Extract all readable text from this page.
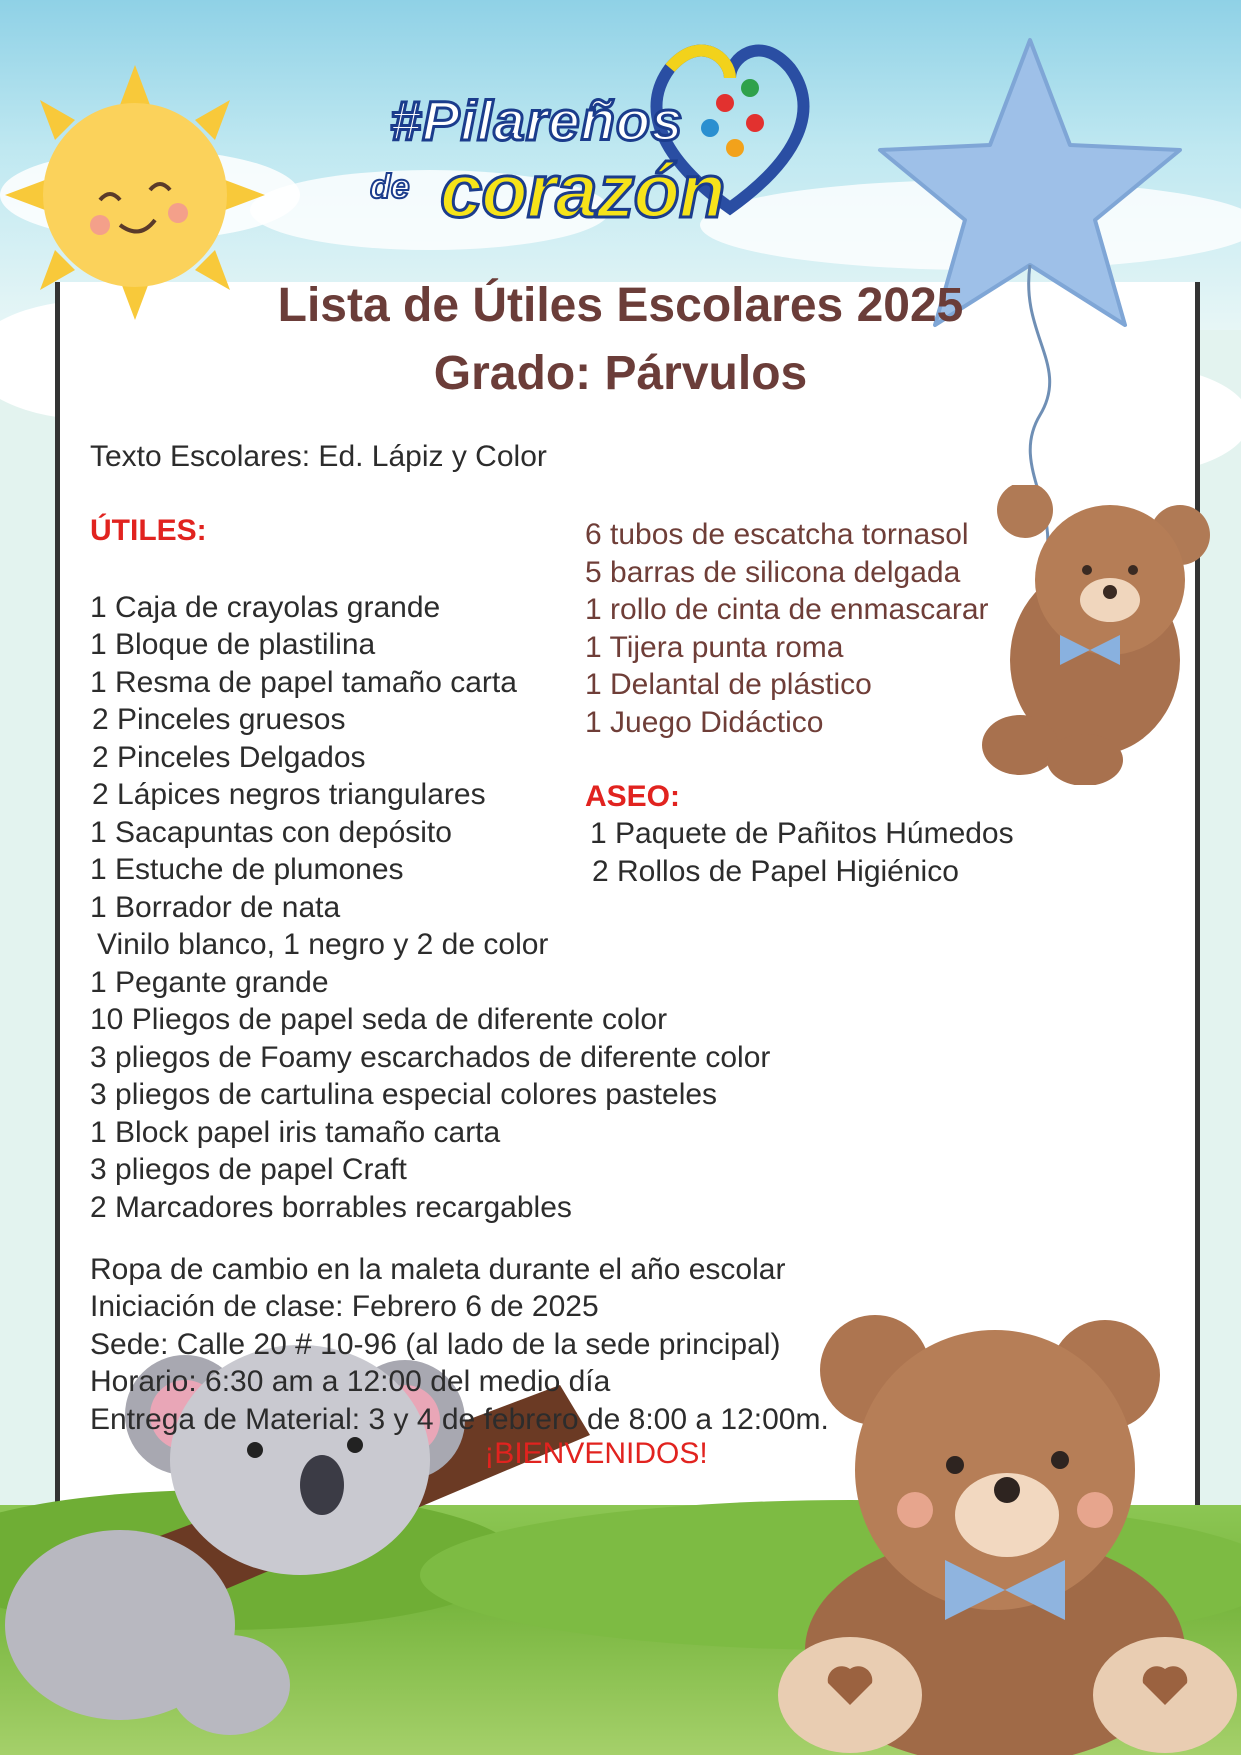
#Pilareños
de corazón
Lista de Útiles Escolares 2025
Grado: Párvulos
Texto Escolares: Ed. Lápiz y Color
ÚTILES:
1 Caja de crayolas grande
1 Bloque de plastilina
1 Resma de papel tamaño carta
2 Pinceles gruesos
2 Pinceles Delgados
2 Lápices negros triangulares
1 Sacapuntas con depósito
1 Estuche de plumones
1 Borrador de nata
Vinilo blanco, 1 negro y 2 de color
1 Pegante grande
10 Pliegos de papel seda de diferente color
3 pliegos de Foamy escarchados de diferente color
3 pliegos de cartulina especial colores pasteles
1 Block papel iris tamaño carta
3 pliegos de papel Craft
2 Marcadores borrables recargables
6 tubos de escatcha tornasol
5 barras de silicona delgada
1 rollo de cinta de enmascarar
1 Tijera punta roma
1 Delantal de plástico
1 Juego Didáctico
ASEO:
1 Paquete de Pañitos Húmedos
2 Rollos de Papel Higiénico
Ropa de cambio en la maleta durante el año escolar
Iniciación de clase: Febrero 6 de 2025
Sede: Calle 20 # 10-96 (al lado de la sede principal)
Horario: 6:30 am a 12:00 del medio día
Entrega de Material: 3 y 4 de febrero de 8:00 a 12:00m.
¡BIENVENIDOS!
